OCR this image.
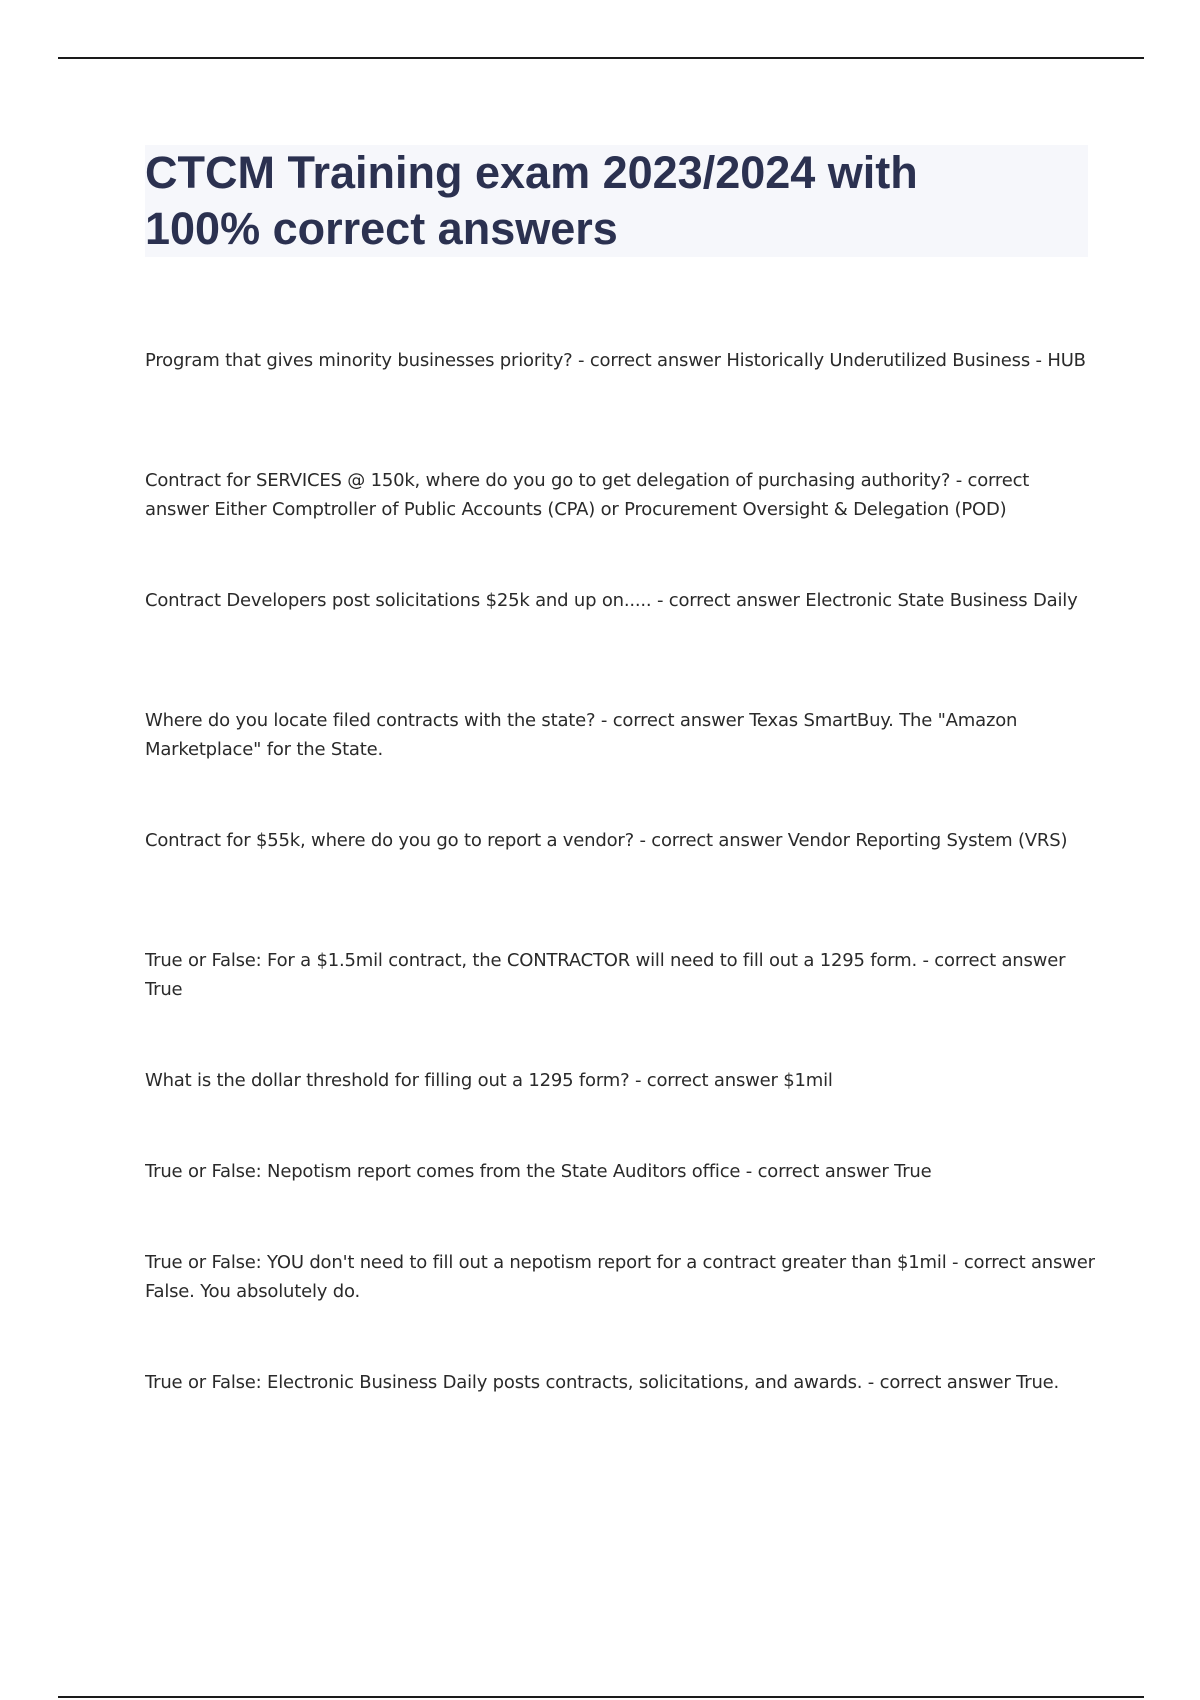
CTCM Training exam 2023/2024 with
100% correct answers
Program that gives minority businesses priority? - correct answer Historically Underutilized Business - HUB
Contract for SERVICES @ 150k, where do you go to get delegation of purchasing authority? - correct answer Either Comptroller of Public Accounts (CPA) or Procurement Oversight & Delegation (POD)
Contract Developers post solicitations $25k and up on..... - correct answer Electronic State Business Daily
Where do you locate filed contracts with the state? - correct answer Texas SmartBuy. The "Amazon Marketplace" for the State.
Contract for $55k, where do you go to report a vendor? - correct answer Vendor Reporting System (VRS)
True or False: For a $1.5mil contract, the CONTRACTOR will need to fill out a 1295 form. - correct answer True
What is the dollar threshold for filling out a 1295 form? - correct answer $1mil
True or False: Nepotism report comes from the State Auditors office - correct answer True
True or False: YOU don't need to fill out a nepotism report for a contract greater than $1mil - correct answer False. You absolutely do.
True or False: Electronic Business Daily posts contracts, solicitations, and awards. - correct answer True.
